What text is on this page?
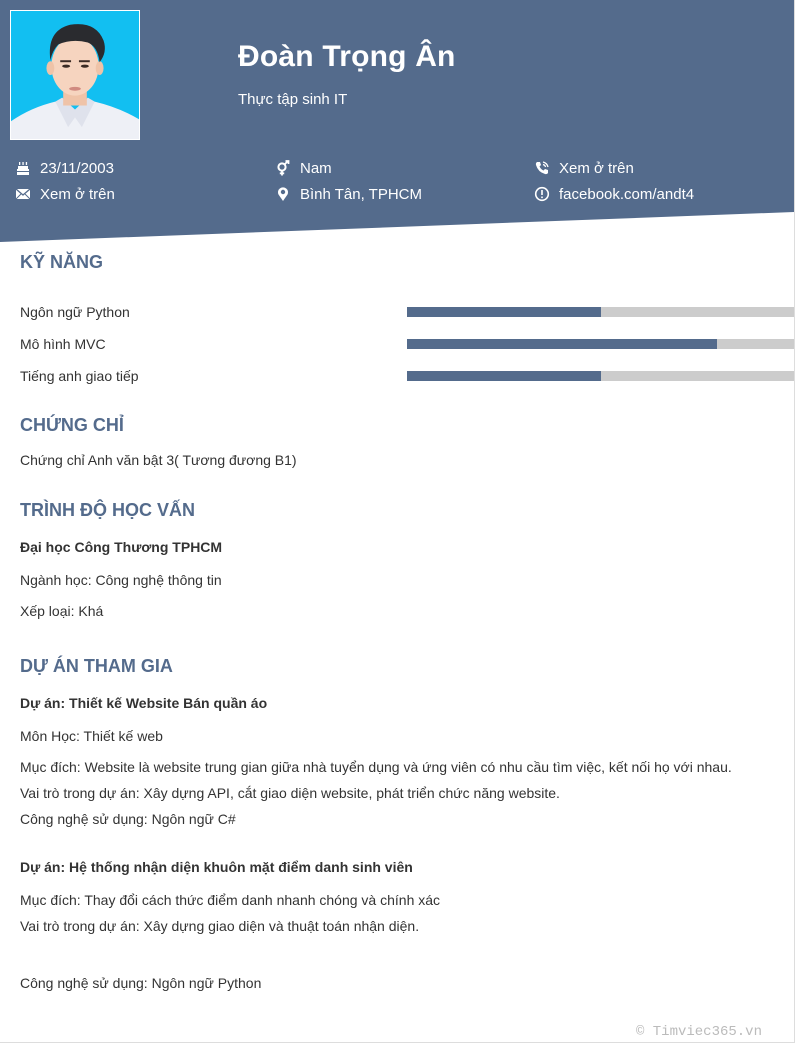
Đoàn Trọng Ân
Thực tập sinh IT
23/11/2003
Xem ở trên
Nam
Bình Tân, TPHCM
Xem ở trên
facebook.com/andt4
KỸ NĂNG
Ngôn ngữ Python
Mô hình MVC
Tiếng anh giao tiếp
CHỨNG CHỈ
Chứng chỉ Anh văn bật 3( Tương đương B1)
TRÌNH ĐỘ HỌC VẤN
Đại học Công Thương TPHCM
Ngành học: Công nghệ thông tin
Xếp loại: Khá
DỰ ÁN THAM GIA
Dự án: Thiết kế Website Bán quần áo
Môn Học: Thiết kế web
Mục đích: Website là website trung gian giữa nhà tuyển dụng và ứng viên có nhu cầu tìm việc, kết nối họ với nhau.
Vai trò trong dự án: Xây dựng API, cắt giao diện website, phát triển chức năng website.
Công nghệ sử dụng: Ngôn ngữ C#
Dự án: Hệ thống nhận diện khuôn mặt điểm danh sinh viên
Mục đích: Thay đổi cách thức điểm danh nhanh chóng và chính xác
Vai trò trong dự án: Xây dựng giao diện và thuật toán nhận diện.
Công nghệ sử dụng: Ngôn ngữ Python
© Timviec365.vn
